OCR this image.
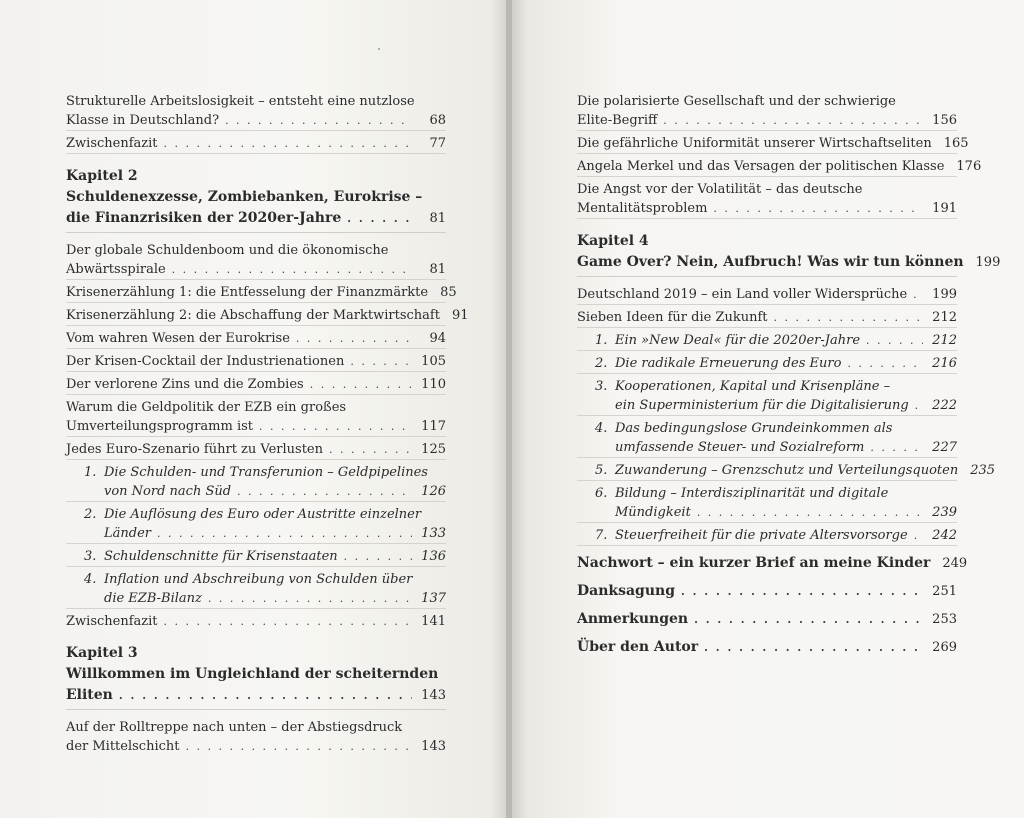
Strukturelle Arbeitslosigkeit – entsteht eine nutzlose
Klasse in Deutschland? . . .	68
Zwischenfazit . . .	77
Kapitel 2
Schuldenexzesse, Zombiebanken, Eurokrise –
die Finanzrisiken der 2020er-Jahre . . .	81
Der globale Schuldenboom und die ökonomische
Abwärtsspirale . . .	81
Krisenerzählung 1: die Entfesselung der Finanzmärkte 85
Krisenerzählung 2: die Abschaffung der Marktwirtschaft 91
Vom wahren Wesen der Eurokrise . . .	94
Der Krisen-Cocktail der Industrienationen . . .	105
Der verlorene Zins und die Zombies . . .	110
Warum die Geldpolitik der EZB ein großes
Umverteilungsprogramm ist . . .	117
Jedes Euro-Szenario führt zu Verlusten . . .	125
1. Die Schulden- und Transferunion – Geldpipelines
von Nord nach Süd . . .	126
2. Die Auflösung des Euro oder Austritte einzelner
Länder . . .	133
3. Schuldenschnitte für Krisenstaaten . . .	136
4. Inflation und Abschreibung von Schulden über
die EZB-Bilanz . . .	137
Zwischenfazit . . .	141
Kapitel 3
Willkommen im Ungleichland der scheiternden
Eliten . . .	143
Auf der Rolltreppe nach unten – der Abstiegsdruck
der Mittelschicht . . .	143
Die polarisierte Gesellschaft und der schwierige
Elite-Begriff . . .	156
Die gefährliche Uniformität unserer Wirtschaftseliten 165
Angela Merkel und das Versagen der politischen Klasse 176
Die Angst vor der Volatilität – das deutsche
Mentalitätsproblem . . .	191
Kapitel 4
Game Over? Nein, Aufbruch! Was wir tun können 199
Deutschland 2019 – ein Land voller Widersprüche . . . 199
Sieben Ideen für die Zukunft . . .	212
1. Ein »New Deal« für die 2020er-Jahre . . .	212
2. Die radikale Erneuerung des Euro . . .	216
3. Kooperationen, Kapital und Krisenpläne –
ein Superministerium für die Digitalisierung . . . 222
4. Das bedingungslose Grundeinkommen als
umfassende Steuer- und Sozialreform . . .	227
5. Zuwanderung – Grenzschutz und Verteilungsquoten 235
6. Bildung – Interdisziplinarität und digitale
Mündigkeit . . .	239
7. Steuerfreiheit für die private Altersvorsorge . . . 242
Nachwort – ein kurzer Brief an meine Kinder 249
Danksagung . . .	251
Anmerkungen . . .	253
Über den Autor . . .	269
